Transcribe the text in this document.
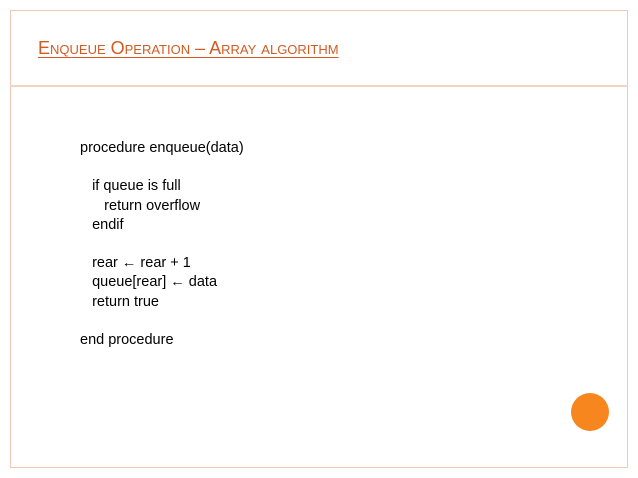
Enqueue Operation – Array algorithm
procedure enqueue(data)

if queue is full
return overflow
endif

rear ← rear + 1
queue[rear] ← data
return true

end procedure
